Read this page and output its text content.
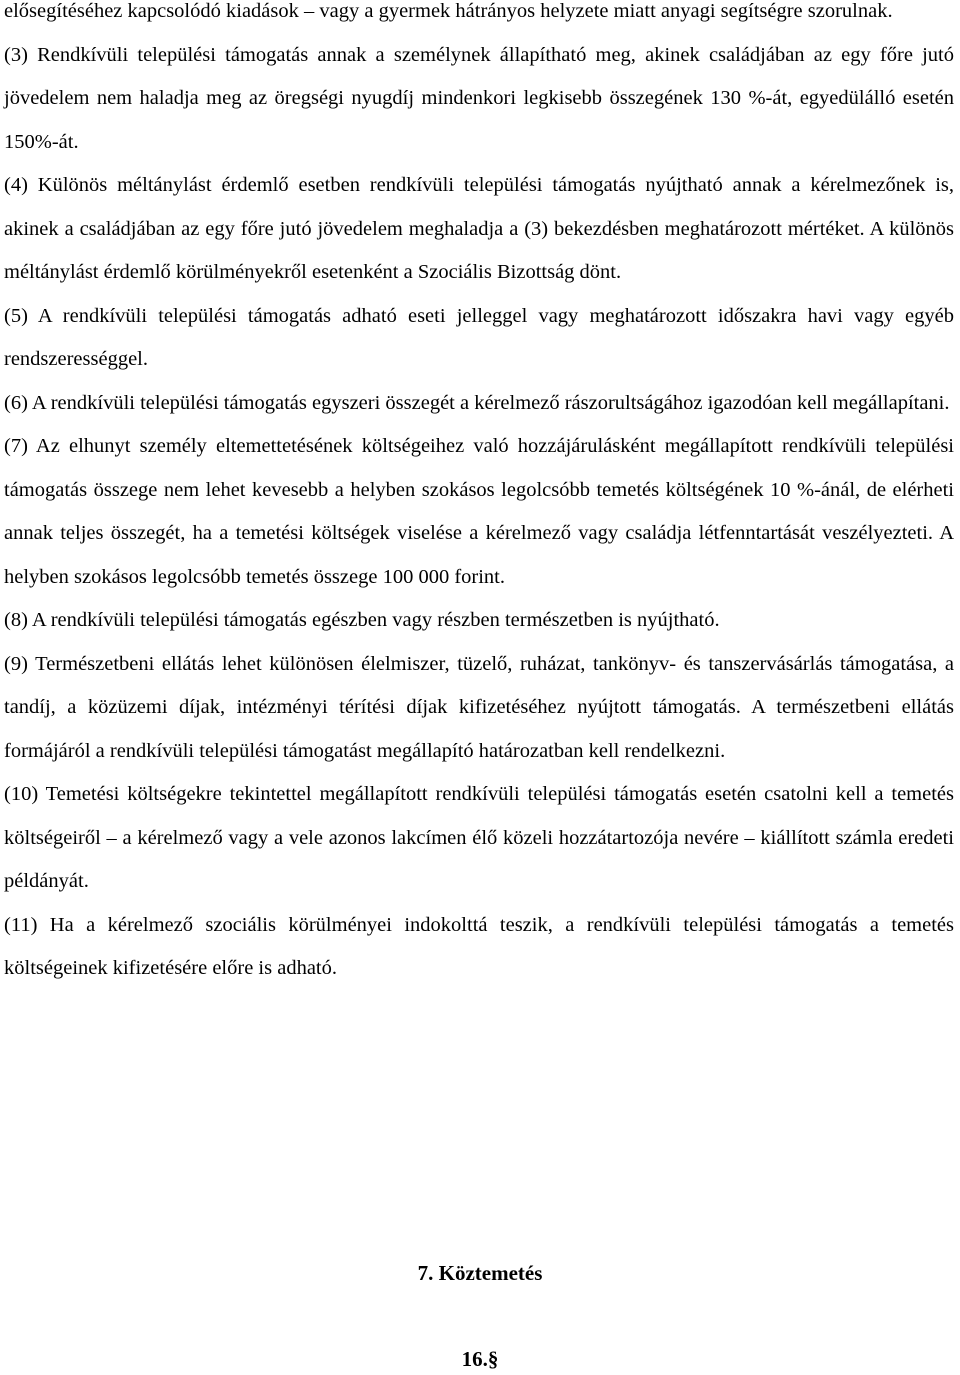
elősegítéséhez kapcsolódó kiadások – vagy a gyermek hátrányos helyzete miatt anyagi segítségre szorulnak.

(3) Rendkívüli települési támogatás annak a személynek állapítható meg, akinek családjában az egy főre jutó jövedelem nem haladja meg az öregségi nyugdíj mindenkori legkisebb összegének 130 %-át, egyedülálló esetén 150%-át.

(4) Különös méltánylást érdemlő esetben rendkívüli települési támogatás nyújtható annak a kérelmezőnek is, akinek a családjában az egy főre jutó jövedelem meghaladja a (3) bekezdésben meghatározott mértéket. A különös méltánylást érdemlő körülményekről esetenként a Szociális Bizottság dönt.

(5) A rendkívüli települési támogatás adható eseti jelleggel vagy meghatározott időszakra havi vagy egyéb rendszerességgel.

(6) A rendkívüli települési támogatás egyszeri összegét a kérelmező rászorultságához igazodóan kell megállapítani.

(7) Az elhunyt személy eltemettetésének költségeihez való hozzájárulásként megállapított rendkívüli települési támogatás összege nem lehet kevesebb a helyben szokásos legolcsóbb temetés költségének 10 %-ánál, de elérheti annak teljes összegét, ha a temetési költségek viselése a kérelmező vagy családja létfenntartását veszélyezteti. A helyben szokásos legolcsóbb temetés összege 100 000 forint.

(8) A rendkívüli települési támogatás egészben vagy részben természetben is nyújtható.

(9) Természetbeni ellátás lehet különösen élelmiszer, tüzelő, ruházat, tankönyv- és tanszervásárlás támogatása, a tandíj, a közüzemi díjak, intézményi térítési díjak kifizetéséhez nyújtott támogatás. A természetbeni ellátás formájáról a rendkívüli települési támogatást megállapító határozatban kell rendelkezni.

(10) Temetési költségekre tekintettel megállapított rendkívüli települési támogatás esetén csatolni kell a temetés költségeiről – a kérelmező vagy a vele azonos lakcímen élő közeli hozzátartozója nevére – kiállított számla eredeti példányát.

(11) Ha a kérelmező szociális körülményei indokolttá teszik, a rendkívüli települési támogatás a temetés költségeinek kifizetésére előre is adható.

7. Köztemetés
16.§
